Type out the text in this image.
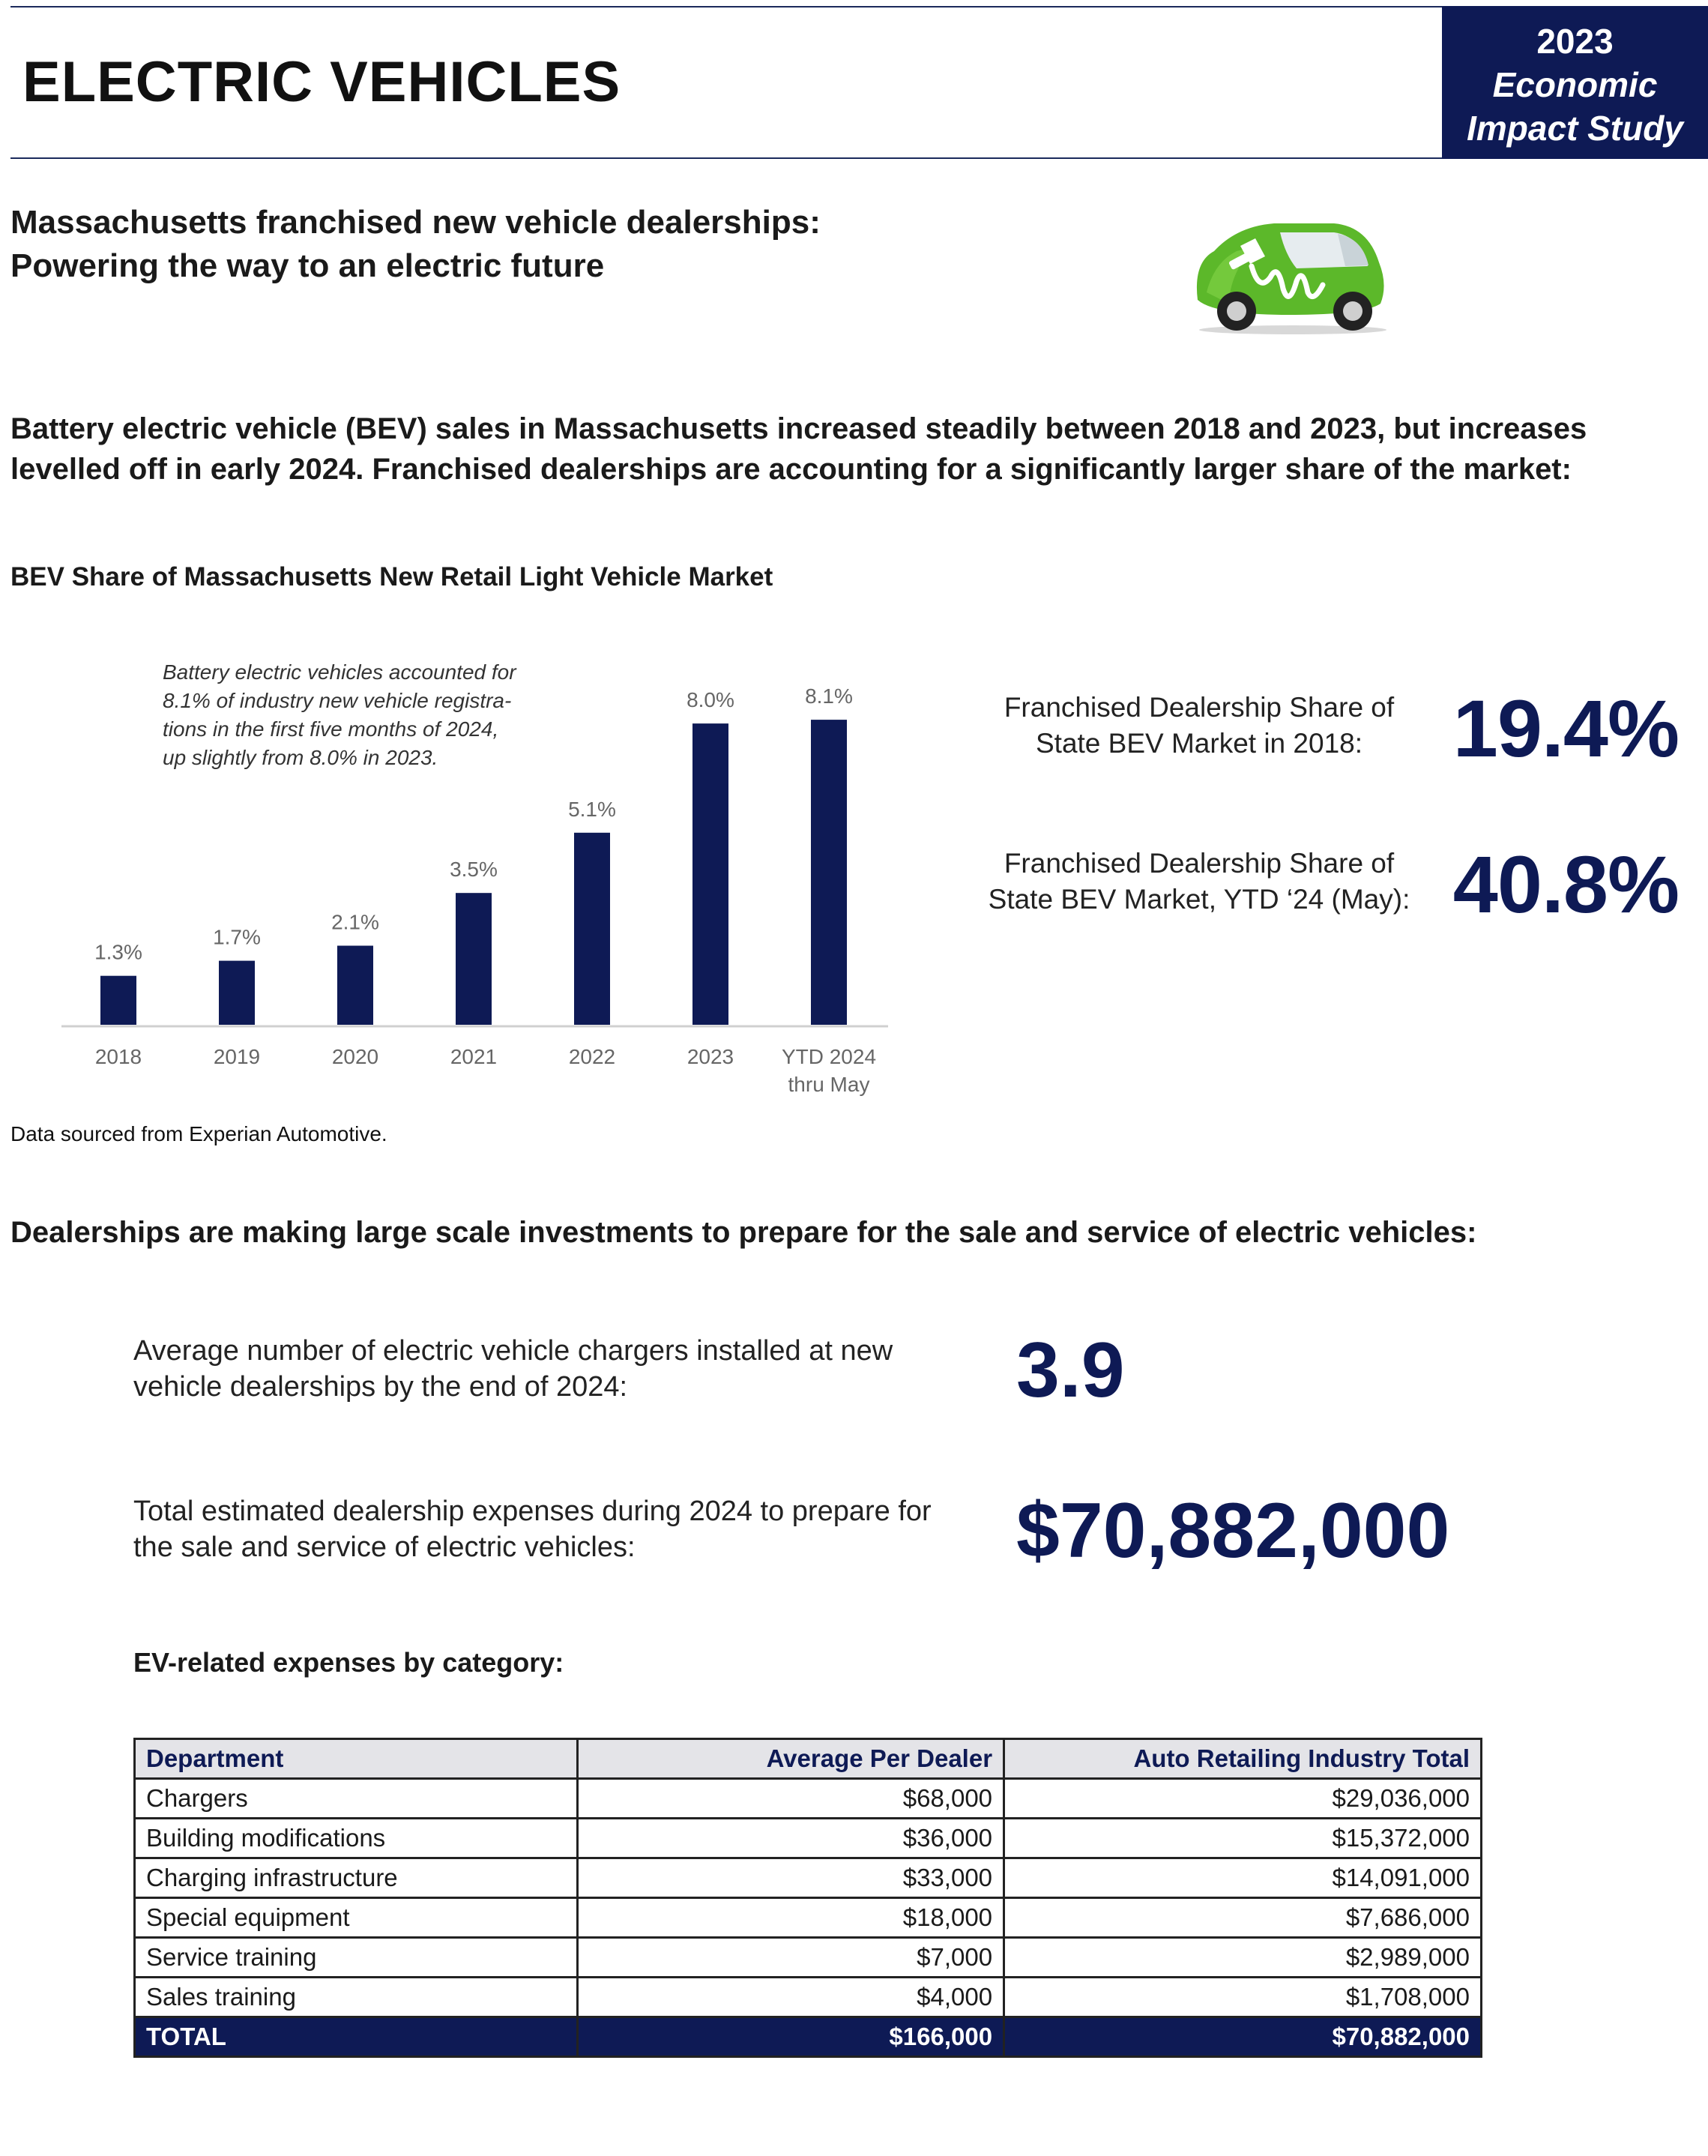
ELECTRIC VEHICLES
2023
Economic
Impact Study
Massachusetts franchised new vehicle dealerships:
Powering the way to an electric future
Battery electric vehicle (BEV) sales in Massachusetts increased steadily between 2018 and 2023, but increases
levelled off in early 2024. Franchised dealerships are accounting for a significantly larger share of the market:
BEV Share of Massachusetts New Retail Light Vehicle Market
1.3%
2018
1.7%
2019
2.1%
2020
3.5%
2021
5.1%
2022
8.0%
2023
8.1%
YTD 2024
thru May
Battery electric vehicles accounted for
8.1% of industry new vehicle registra-
tions in the first five months of 2024,
up slightly from 8.0% in 2023.
Franchised Dealership Share of
State BEV Market in 2018:	19.4%
Franchised Dealership Share of
State BEV Market, YTD ‘24 (May): 40.8%
Data sourced from Experian Automotive.
Dealerships are making large scale investments to prepare for the sale and service of electric vehicles:
Average number of electric vehicle chargers installed at new
vehicle dealerships by the end of 2024:	3.9
Total estimated dealership expenses during 2024 to prepare for
the sale and service of electric vehicles:	$70,882,000
EV-related expenses by category:
Department	Average Per Dealer	Auto Retailing Industry Total
Chargers	$68,000	$29,036,000
Building modifications	$36,000	$15,372,000
Charging infrastructure	$33,000	$14,091,000
Special equipment	$18,000	$7,686,000
Service training	$7,000	$2,989,000
Sales training	$4,000	$1,708,000
TOTAL	$166,000	$70,882,000
